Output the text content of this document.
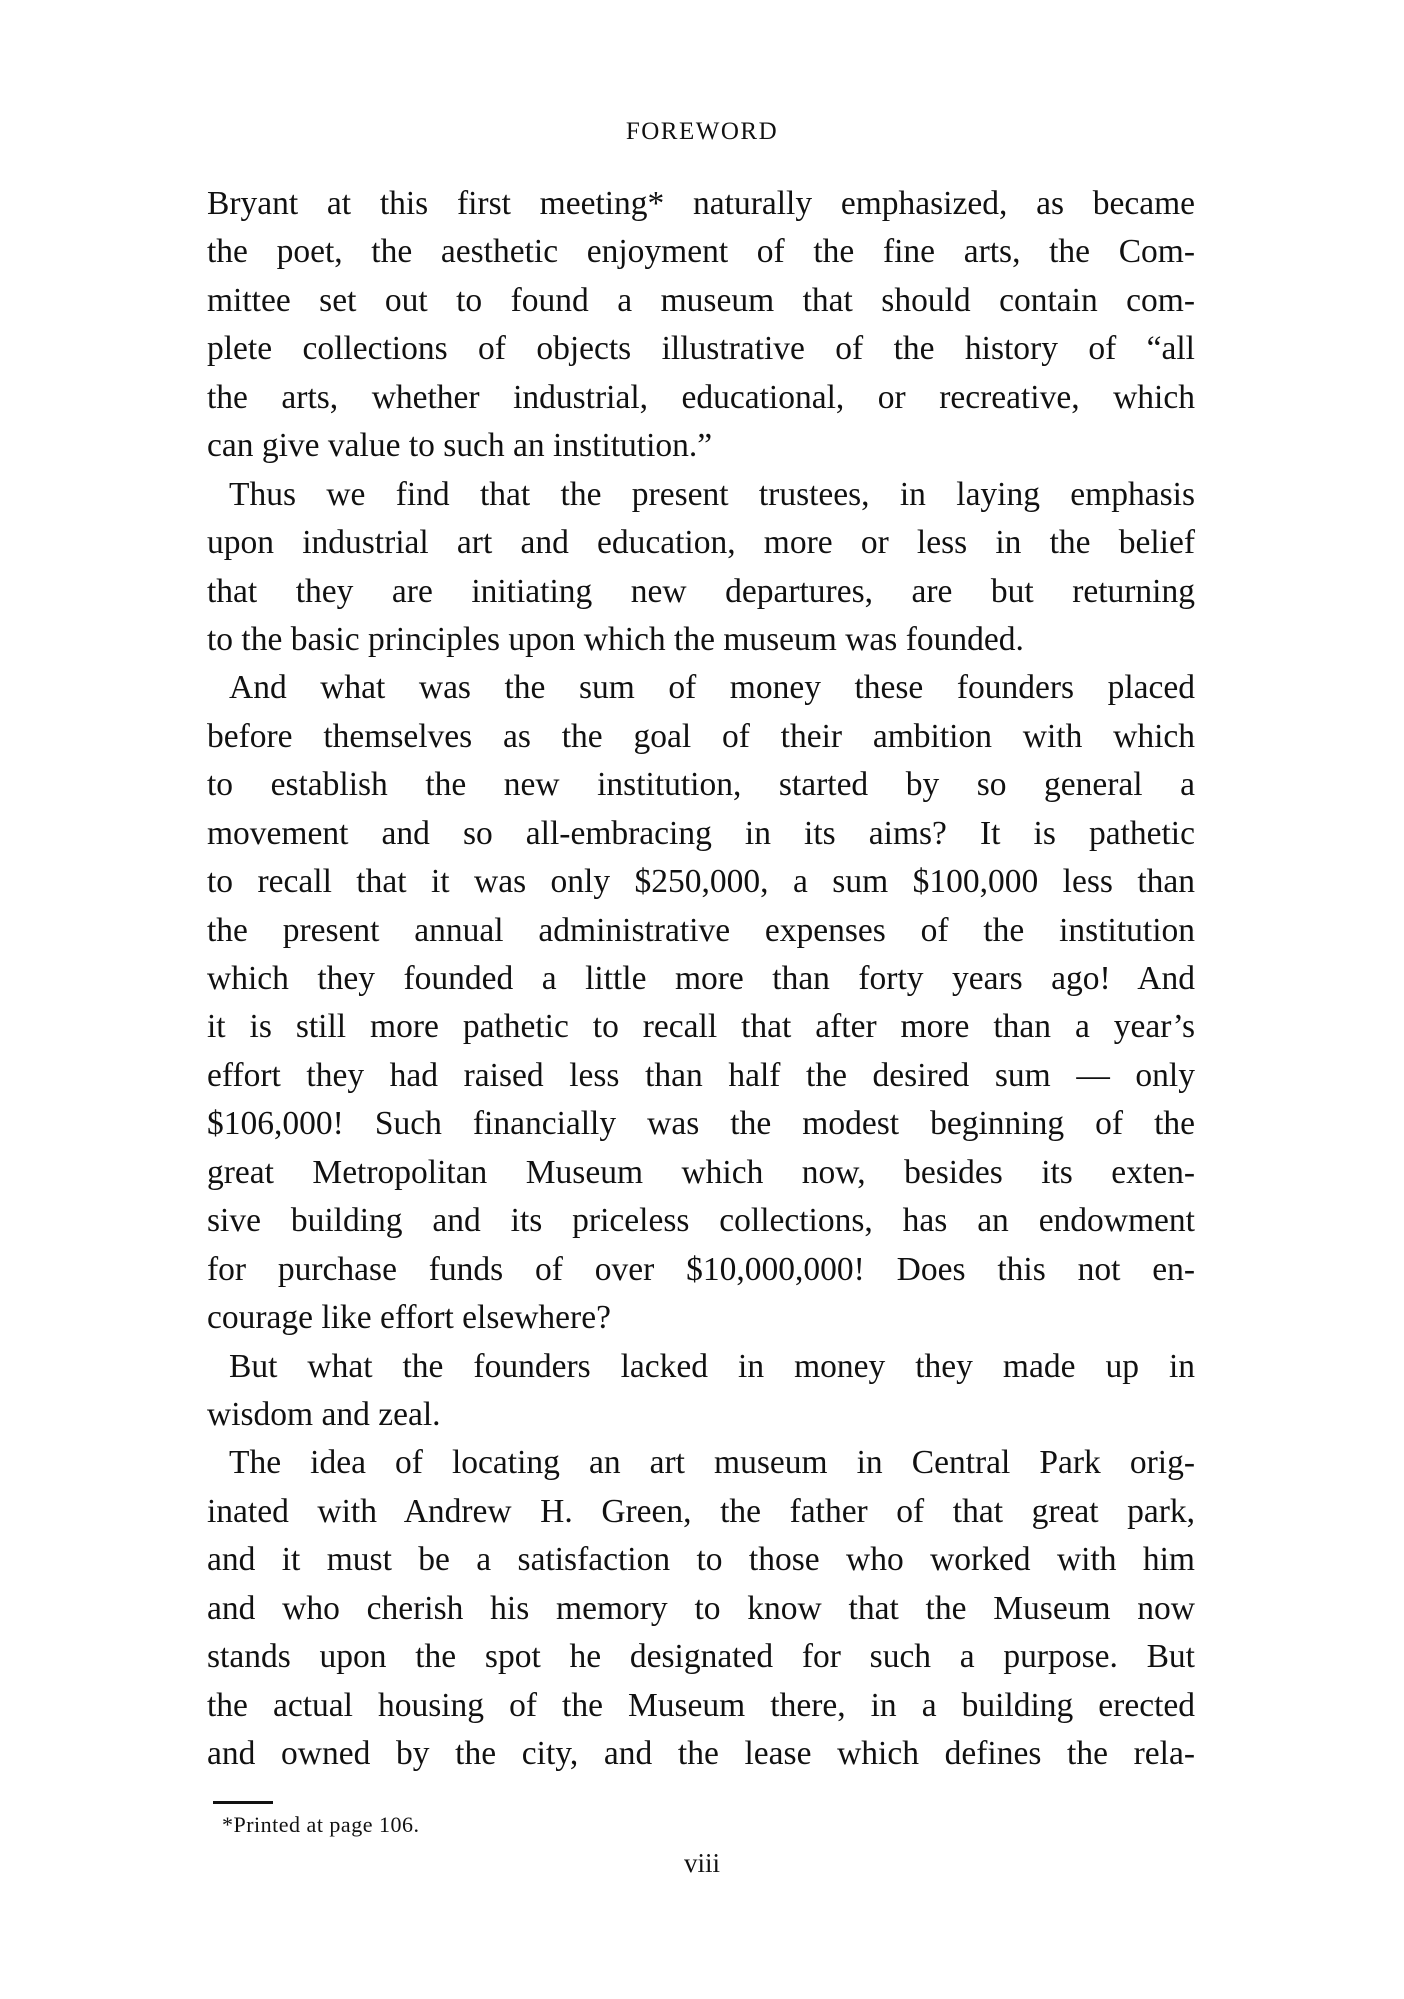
FOREWORD
Bryant at this first meeting* naturally emphasized, as became
the poet, the aesthetic enjoyment of the fine arts, the Com-
mittee set out to found a museum that should contain com-
plete collections of objects illustrative of the history of “all
the arts, whether industrial, educational, or recreative, which
can give value to such an institution.”
Thus we find that the present trustees, in laying emphasis
upon industrial art and education, more or less in the belief
that they are initiating new departures, are but returning
to the basic principles upon which the museum was founded.
And what was the sum of money these founders placed
before themselves as the goal of their ambition with which
to establish the new institution, started by so general a
movement and so all-embracing in its aims? It is pathetic
to recall that it was only $250,000, a sum $100,000 less than
the present annual administrative expenses of the institution
which they founded a little more than forty years ago! And
it is still more pathetic to recall that after more than a year’s
effort they had raised less than half the desired sum — only
$106,000! Such financially was the modest beginning of the
great Metropolitan Museum which now, besides its exten-
sive building and its priceless collections, has an endowment
for purchase funds of over $10,000,000! Does this not en-
courage like effort elsewhere?
But what the founders lacked in money they made up in
wisdom and zeal.
The idea of locating an art museum in Central Park orig-
inated with Andrew H. Green, the father of that great park,
and it must be a satisfaction to those who worked with him
and who cherish his memory to know that the Museum now
stands upon the spot he designated for such a purpose. But
the actual housing of the Museum there, in a building erected
and owned by the city, and the lease which defines the rela-
*Printed at page 106.
viii
